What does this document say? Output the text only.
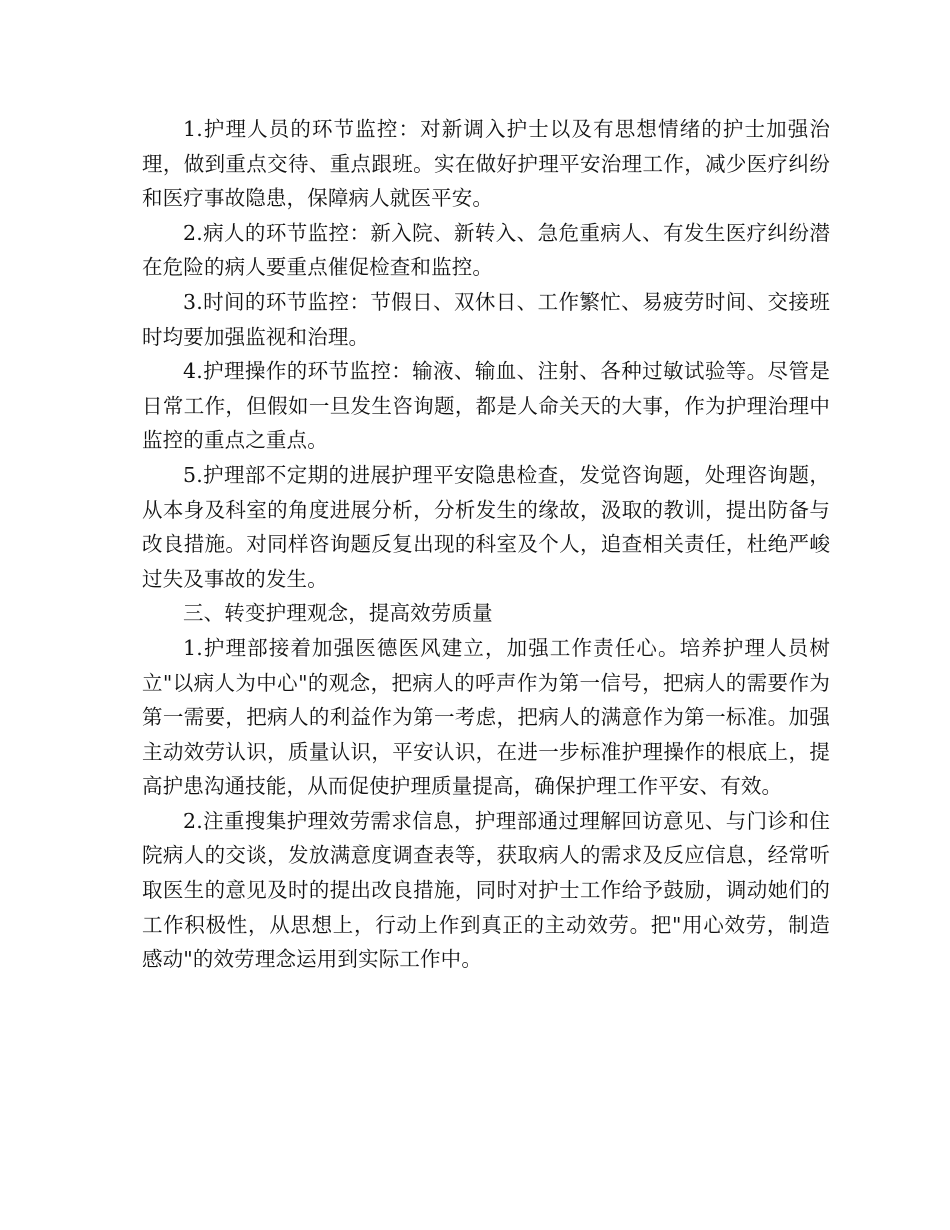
1.护理人员的环节监控：对新调入护士以及有思想情绪的护士加强治理，做到重点交待、重点跟班。实在做好护理平安治理工作，减少医疗纠纷和医疗事故隐患，保障病人就医平安。

2.病人的环节监控：新入院、新转入、急危重病人、有发生医疗纠纷潜在危险的病人要重点催促检查和监控。

3.时间的环节监控：节假日、双休日、工作繁忙、易疲劳时间、交接班时均要加强监视和治理。

4.护理操作的环节监控：输液、输血、注射、各种过敏试验等。尽管是日常工作，但假如一旦发生咨询题，都是人命关天的大事，作为护理治理中监控的重点之重点。

5.护理部不定期的进展护理平安隐患检查，发觉咨询题，处理咨询题，从本身及科室的角度进展分析，分析发生的缘故，汲取的教训，提出防备与改良措施。对同样咨询题反复出现的科室及个人，追查相关责任，杜绝严峻过失及事故的发生。

三、转变护理观念，提高效劳质量

1.护理部接着加强医德医风建立，加强工作责任心。培养护理人员树立"以病人为中心"的观念，把病人的呼声作为第一信号，把病人的需要作为第一需要，把病人的利益作为第一考虑，把病人的满意作为第一标准。加强主动效劳认识，质量认识，平安认识，在进一步标准护理操作的根底上，提高护患沟通技能，从而促使护理质量提高，确保护理工作平安、有效。

2.注重搜集护理效劳需求信息，护理部通过理解回访意见、与门诊和住院病人的交谈，发放满意度调查表等，获取病人的需求及反应信息，经常听取医生的意见及时的提出改良措施，同时对护士工作给予鼓励，调动她们的工作积极性，从思想上，行动上作到真正的主动效劳。把"用心效劳，制造感动"的效劳理念运用到实际工作中。
